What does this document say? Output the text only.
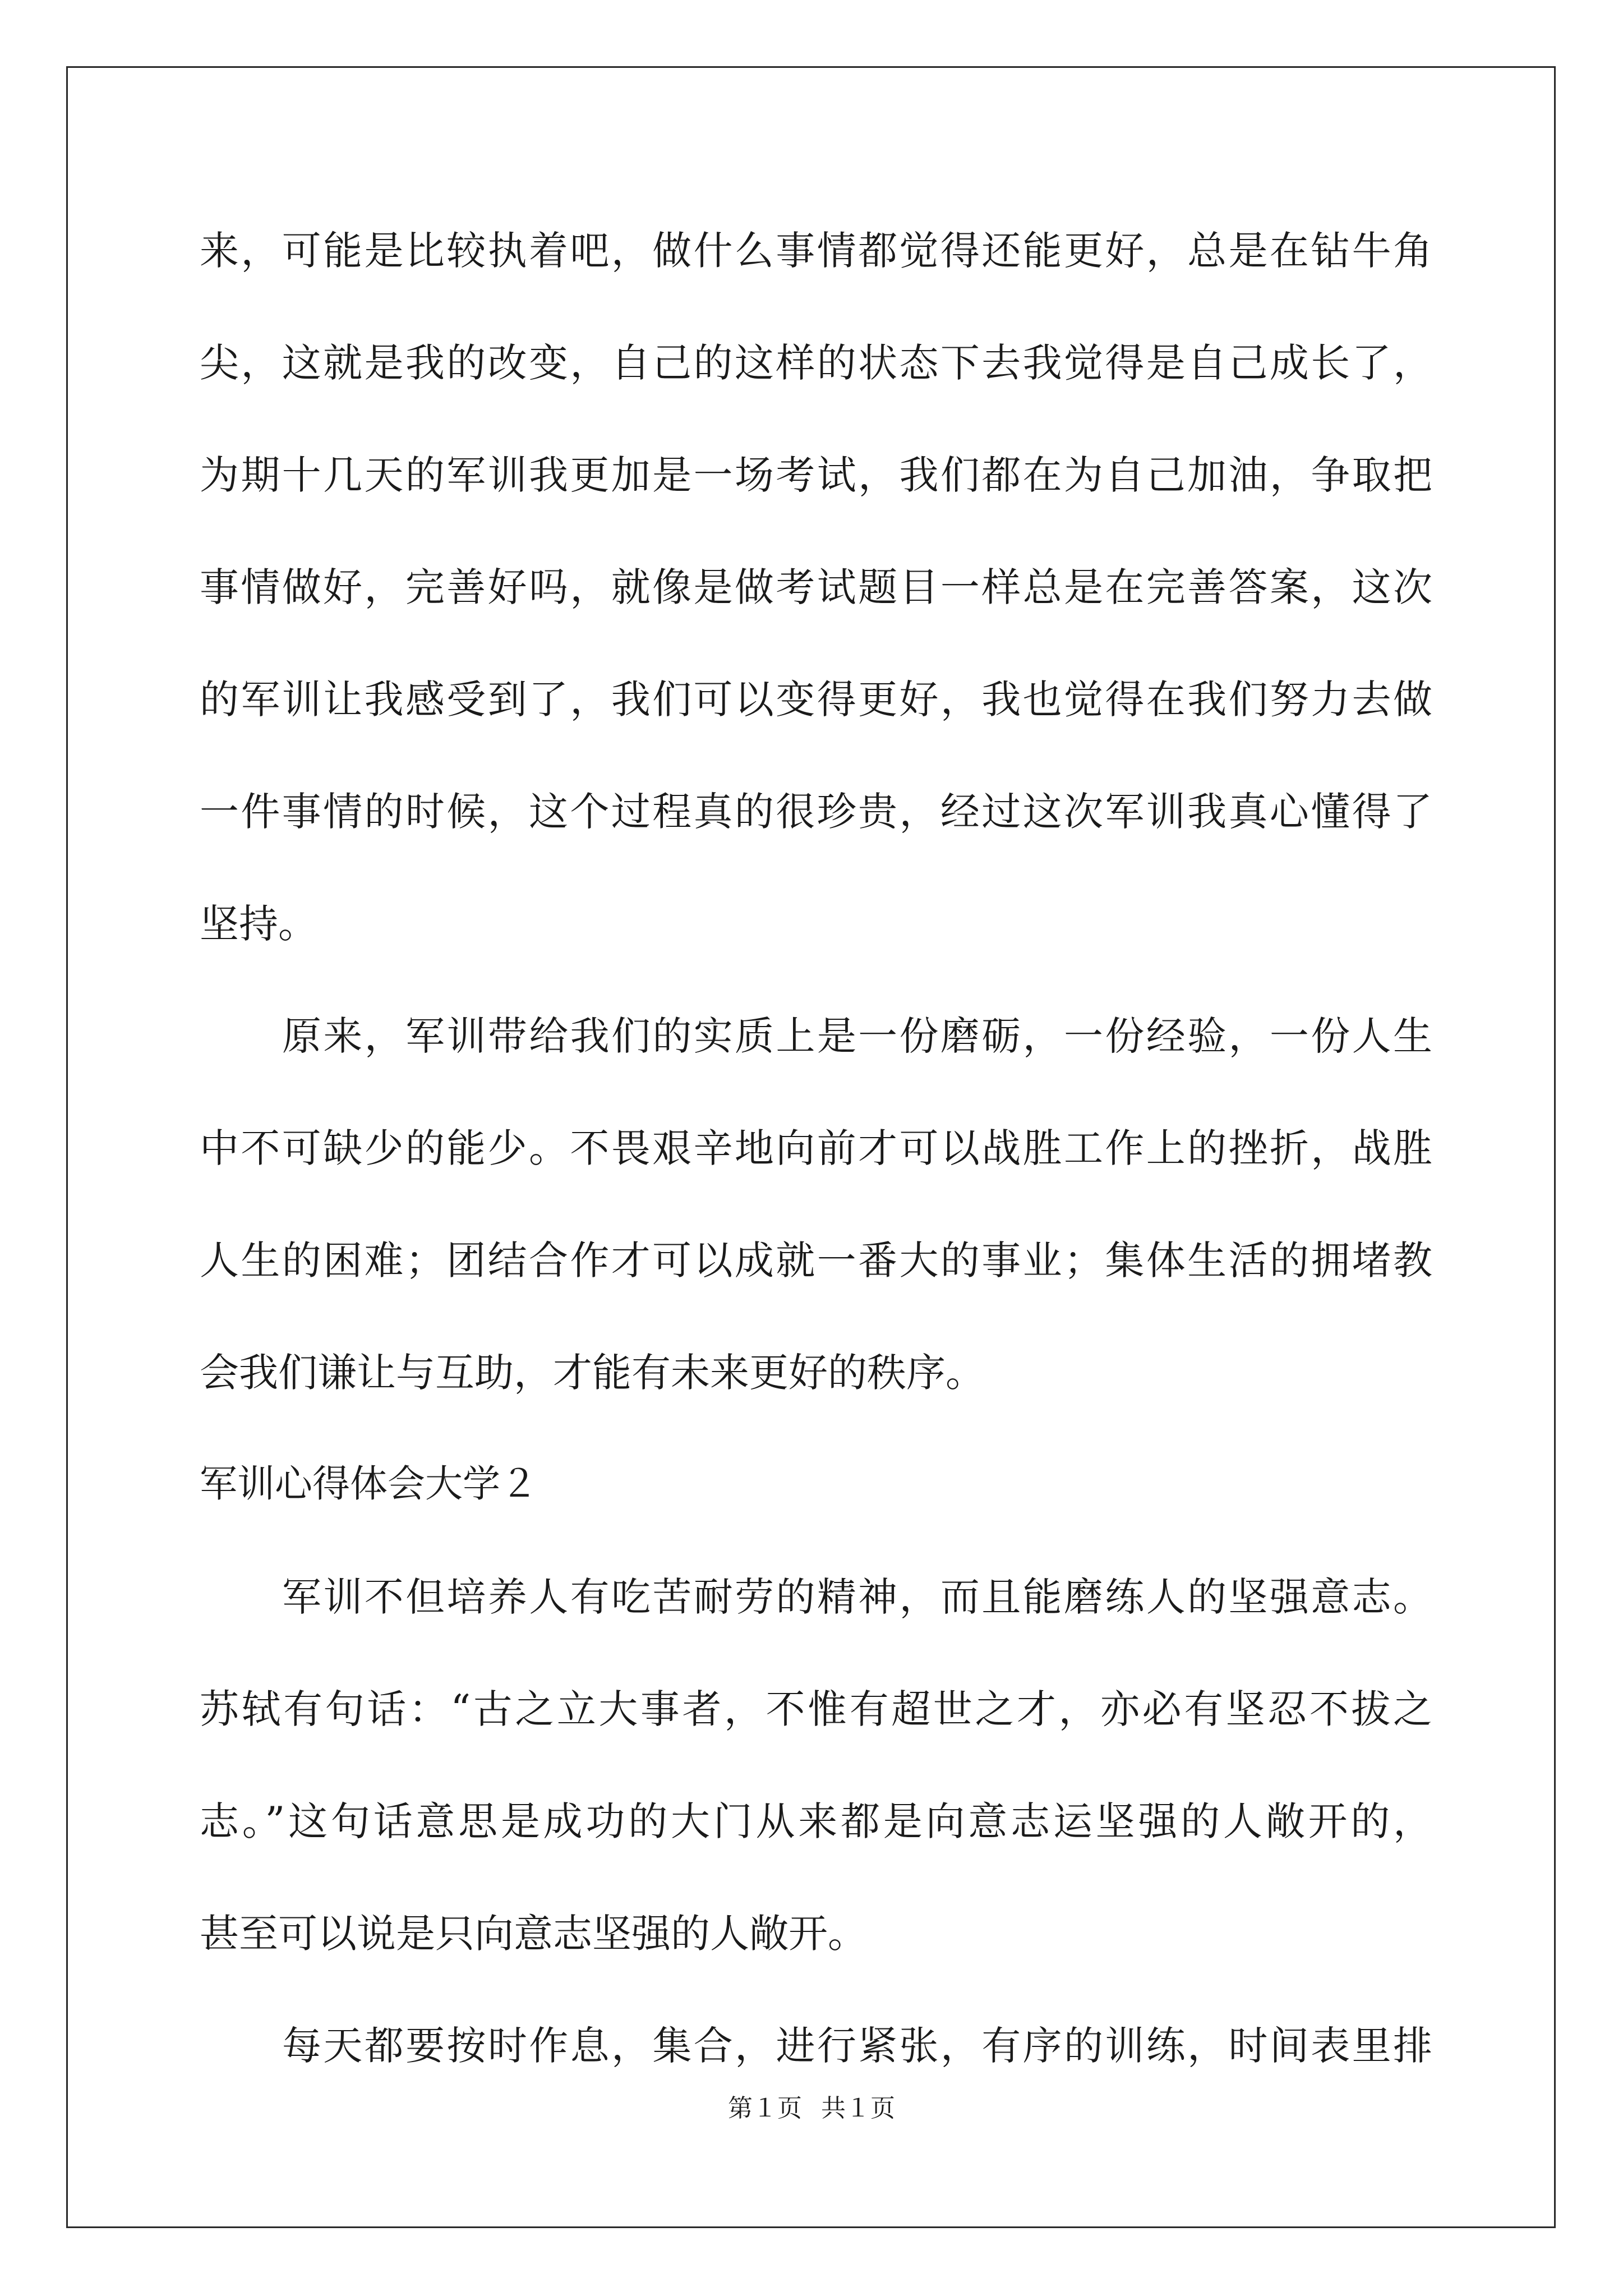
来，可能是比较执着吧，做什么事情都觉得还能更好，总是在钻牛角
尖，这就是我的改变，自己的这样的状态下去我觉得是自己成长了，
为期十几天的军训我更加是一场考试，我们都在为自己加油，争取把
事情做好，完善好吗，就像是做考试题目一样总是在完善答案，这次
的军训让我感受到了，我们可以变得更好，我也觉得在我们努力去做
一件事情的时候，这个过程真的很珍贵，经过这次军训我真心懂得了
坚持。
原来，军训带给我们的实质上是一份磨砺，一份经验，一份人生
中不可缺少的能少。不畏艰辛地向前才可以战胜工作上的挫折，战胜
人生的困难；团结合作才可以成就一番大的事业；集体生活的拥堵教
会我们谦让与互助，才能有未来更好的秩序。
军训心得体会大学２
军训不但培养人有吃苦耐劳的精神，而且能磨练人的坚强意志。
苏轼有句话：“古之立大事者，不惟有超世之才，亦必有坚忍不拔之
志。”这句话意思是成功的大门从来都是向意志运坚强的人敞开的，
甚至可以说是只向意志坚强的人敞开。
每天都要按时作息，集合，进行紧张，有序的训练，时间表里排
第１页 共１页
